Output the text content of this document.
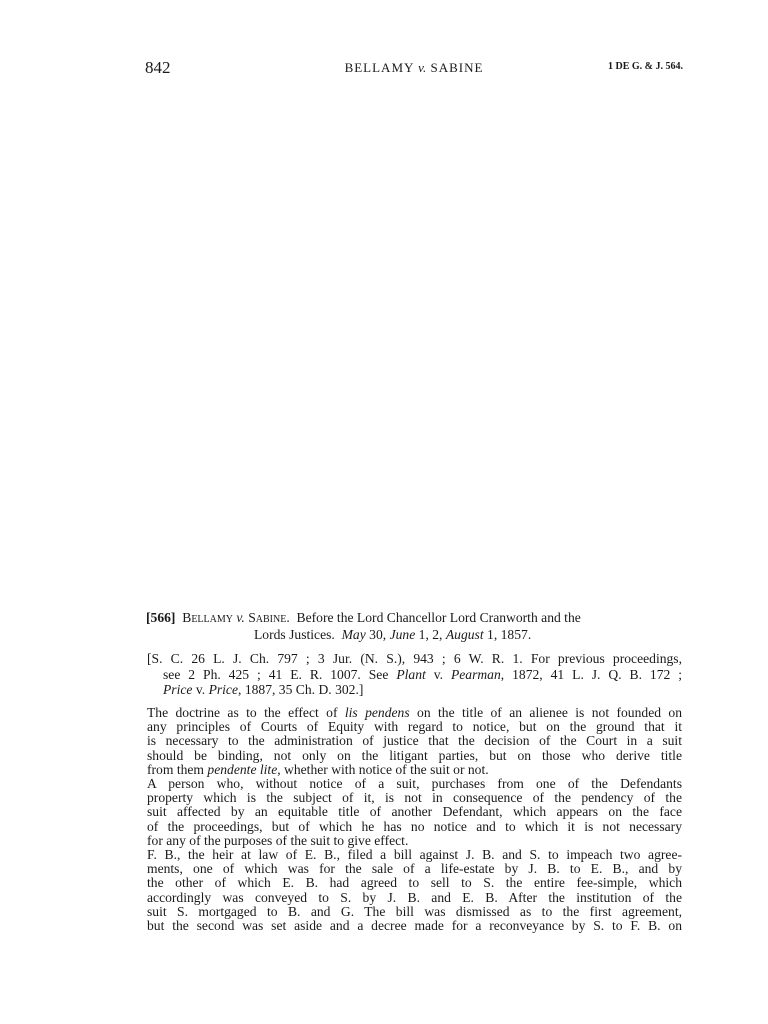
842	BELLAMY v. SABINE	1 DE G. & J. 564.
[566] Bellamy v. Sabine. Before the Lord Chancellor Lord Cranworth and the
Lords Justices. May 30, June 1, 2, August 1, 1857.
[S. C. 26 L. J. Ch. 797 ; 3 Jur. (N. S.), 943 ; 6 W. R. 1. For previous proceedings,
see 2 Ph. 425 ; 41 E. R. 1007. See Plant v. Pearman, 1872, 41 L. J. Q. B. 172 ;
Price v. Price, 1887, 35 Ch. D. 302.]
The doctrine as to the effect of lis pendens on the title of an alienee is not founded on
any principles of Courts of Equity with regard to notice, but on the ground that it
is necessary to the administration of justice that the decision of the Court in a suit
should be binding, not only on the litigant parties, but on those who derive title
from them pendente lite, whether with notice of the suit or not.
A person who, without notice of a suit, purchases from one of the Defendants
property which is the subject of it, is not in consequence of the pendency of the
suit affected by an equitable title of another Defendant, which appears on the face
of the proceedings, but of which he has no notice and to which it is not necessary
for any of the purposes of the suit to give effect.
F. B., the heir at law of E. B., filed a bill against J. B. and S. to impeach two agree-
ments, one of which was for the sale of a life-estate by J. B. to E. B., and by
the other of which E. B. had agreed to sell to S. the entire fee-simple, which
accordingly was conveyed to S. by J. B. and E. B. After the institution of the
suit S. mortgaged to B. and G. The bill was dismissed as to the first agreement,
but the second was set aside and a decree made for a reconveyance by S. to F. B. on
